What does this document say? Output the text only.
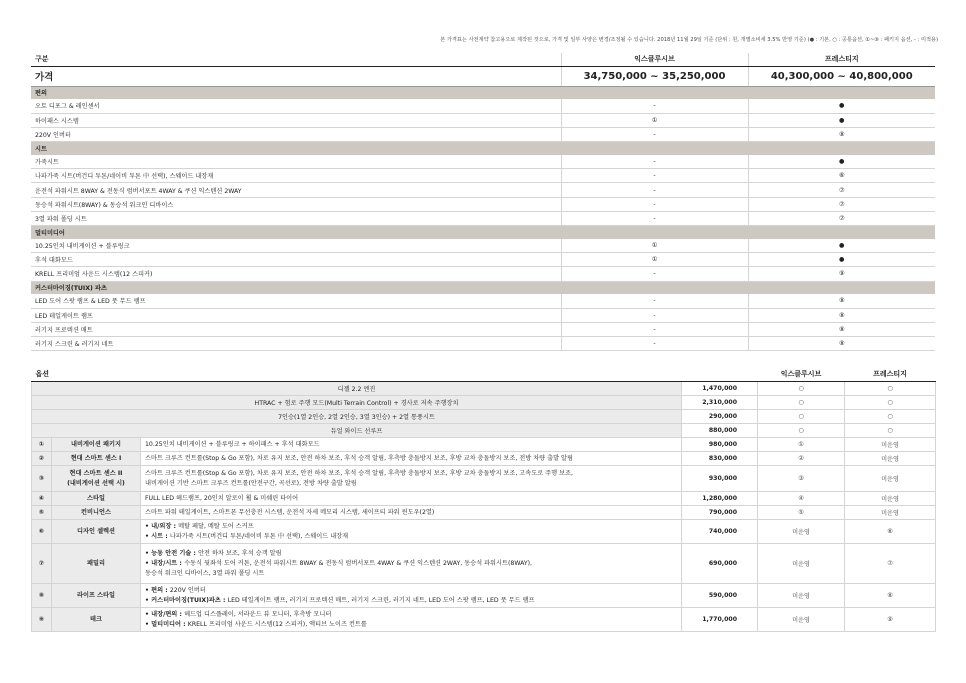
본 가격표는 사전계약 참고용으로 제작된 것으로, 가격 및 일부 사양은 변경/조정될 수 있습니다. 2018년 11월 29일 기준 (단위 : 원, 개별소비세 3.5% 반영 기준) (● : 기본, ○ : 공통옵션, ①~⑨ : 패키지 옵션, - : 미적용)
구분	익스클루시브	프레스티지
가격	34,750,000 ~ 35,250,000	40,300,000 ~ 40,800,000
편의		
오토 디포그 & 레인센서	-	●
하이패스 시스템	①	●
220V 인버터	-	⑧
시트		
가죽시트	-	●
나파가죽 시트(버건디 투톤/네이비 투톤 中 선택), 스웨이드 내장재	-	⑥
운전석 파워시트 8WAY & 전동식 럼버서포트 4WAY & 쿠션 익스텐션 2WAY	-	⑦
동승석 파워시트(8WAY) & 동승석 워크인 디바이스	-	⑦
3열 파워 폴딩 시트	-	⑦
멀티미디어		
10.25인치 내비게이션 + 블루링크	①	●
후석 대화모드	①	●
KRELL 프리미엄 사운드 시스템(12 스피커)	-	⑨
커스터마이징(TUIX) 파츠		
LED 도어 스팟 램프 & LED 풋 무드 램프	-	⑧
LED 테일게이트 램프	-	⑧
러기지 프로텍션 매트	-	⑧
러기지 스크린 & 러기지 네트	-	⑧
옵션				익스클루시브	프레스티지
디젤 2.2 엔진			1,470,000	○	○
HTRAC + 험로 주행 모드(Multi Terrain Control) + 경사로 저속 주행장치			2,310,000	○	○
7인승(1열 2인승, 2열 2인승, 3열 3인승) + 2열 통풍시트			290,000	○	○
듀얼 와이드 선루프			880,000	○	○
①	내비게이션 패키지	10.25인치 내비게이션 + 블루링크 + 하이패스 + 후석 대화모드	980,000	①	미운영
②	현대 스마트 센스 I	스마트 크루즈 컨트롤(Stop & Go 포함), 차로 유지 보조, 안전 하차 보조, 후석 승객 알림, 후측방 충돌방지 보조, 후방 교차 충돌방지 보조, 전방 차량 출발 알림	830,000	②	미운영
③	현대 스마트 센스 II
(내비게이션 선택 시)	스마트 크루즈 컨트롤(Stop & Go 포함), 차로 유지 보조, 안전 하차 보조, 후석 승객 알림, 후측방 충돌방지 보조, 후방 교차 충돌방지 보조, 고속도로 주행 보조,
내비게이션 기반 스마트 크루즈 컨트롤(안전구간, 곡선로), 전방 차량 출발 알림	930,000	③	미운영
④	스타일	FULL LED 헤드램프, 20인치 알로이 휠 & 미쉐린 타이어	1,280,000	④	미운영
⑤	컨비니언스	스마트 파워 테일게이트, 스마트폰 무선충전 시스템, 운전석 자세 메모리 시스템, 세이프티 파워 윈도우(2열)	790,000	⑤	미운영
⑥	디자인 셀렉션	• 내/외장 : 메탈 페달, 메탈 도어 스커프
• 시트 : 나파가죽 시트(버건디 투톤/네이비 투톤 中 선택), 스웨이드 내장재	740,000	미운영	⑥
⑦	패밀리	• 능동 안전 기술 : 안전 하차 보조, 후석 승객 알림
• 내장/시트 : 수동식 뒷좌석 도어 커튼, 운전석 파워시트 8WAY & 전동식 럼버서포트 4WAY & 쿠션 익스텐션 2WAY, 동승석 파워시트(8WAY),
동승석 워크인 디바이스, 3열 파워 폴딩 시트	690,000	미운영	⑦
⑧	라이프 스타일	• 편의 : 220V 인버터
• 커스터마이징(TUIX)파츠 : LED 테일게이트 램프, 러기지 프로텍션 매트, 러기지 스크린, 러기지 네트, LED 도어 스팟 램프, LED 풋 무드 램프	590,000	미운영	⑧
⑨	테크	• 내장/편의 : 헤드업 디스플레이, 서라운드 뷰 모니터, 후측방 모니터
• 멀티미디어 : KRELL 프리미엄 사운드 시스템(12 스피커), 액티브 노이즈 컨트롤	1,770,000	미운영	⑨
